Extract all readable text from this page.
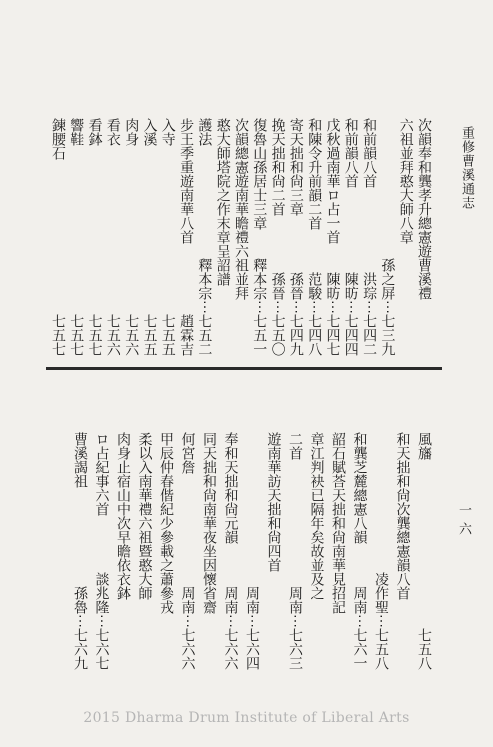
重修曹溪通志
一六
次韻奉和龔孝升總憲遊曹溪禮
六祖並拜憨大師八章
孫之屏⋯七三九
和前韻八首
洪琮⋯七四二
和前韻八首
陳昉⋯七四四
戊秋過南華ロ占一首
陳昉⋯七四七
和陳令升前韻二首
范駿⋯七四八
寄天拙和尙三章
孫晉⋯七四九
挽天拙和尙二首
孫晉⋯七五〇
復魯山孫居士三章
釋本宗⋯七五一
次韻總憲遊南華瞻禮六祖並拜
憨大師塔院之作末章呈詔譜
護法
釋本宗⋯七五二
步王季重遊南華八首
趙霖吉
入寺
七五五
入溪
七五五
肉身
七五六
看衣
七五六
看鉢
七五七
響鞋
七五七
鍊腰石
七五七
風旛
七五八
和天拙和尙次龔總憲韻八首
凌作聖⋯七五八
和龔芝麓總憲八韻
周南⋯七六一
韶石賦荅天拙和尙南華見招記
章江判袂已隔年矣故並及之
二首
周南⋯七六三
遊南華訪天拙和尙四首
周南⋯七六四
奉和天拙和尙元韻
周南⋯七六六
同天拙和尙南華夜坐因懷省齋
何宮詹
周南⋯七六六
甲辰仲春偕紀少參載之蕭參戎
柔以入南華禮六祖暨憨大師
肉身止宿山中次早瞻依衣鉢
ロ占紀事六首
談兆隆⋯七六七
曹溪謁祖
孫魯⋯七六九
2015 Dharma Drum Institute of Liberal Arts
